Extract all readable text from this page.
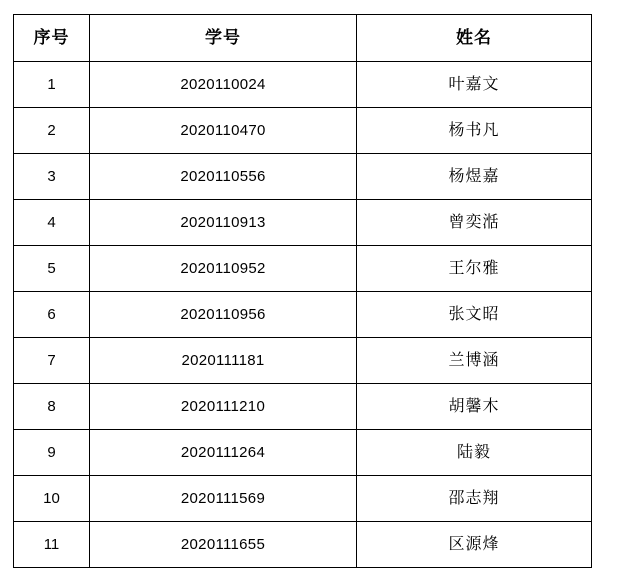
序号	学号	姓名
1	2020110024	叶嘉文
2	2020110470	杨书凡
3	2020110556	杨煜嘉
4	2020110913	曾奕湉
5	2020110952	王尔雅
6	2020110956	张文昭
7	2020111181	兰博涵
8	2020111210	胡馨木
9	2020111264	陆毅
10	2020111569	邵志翔
11	2020111655	区源烽
